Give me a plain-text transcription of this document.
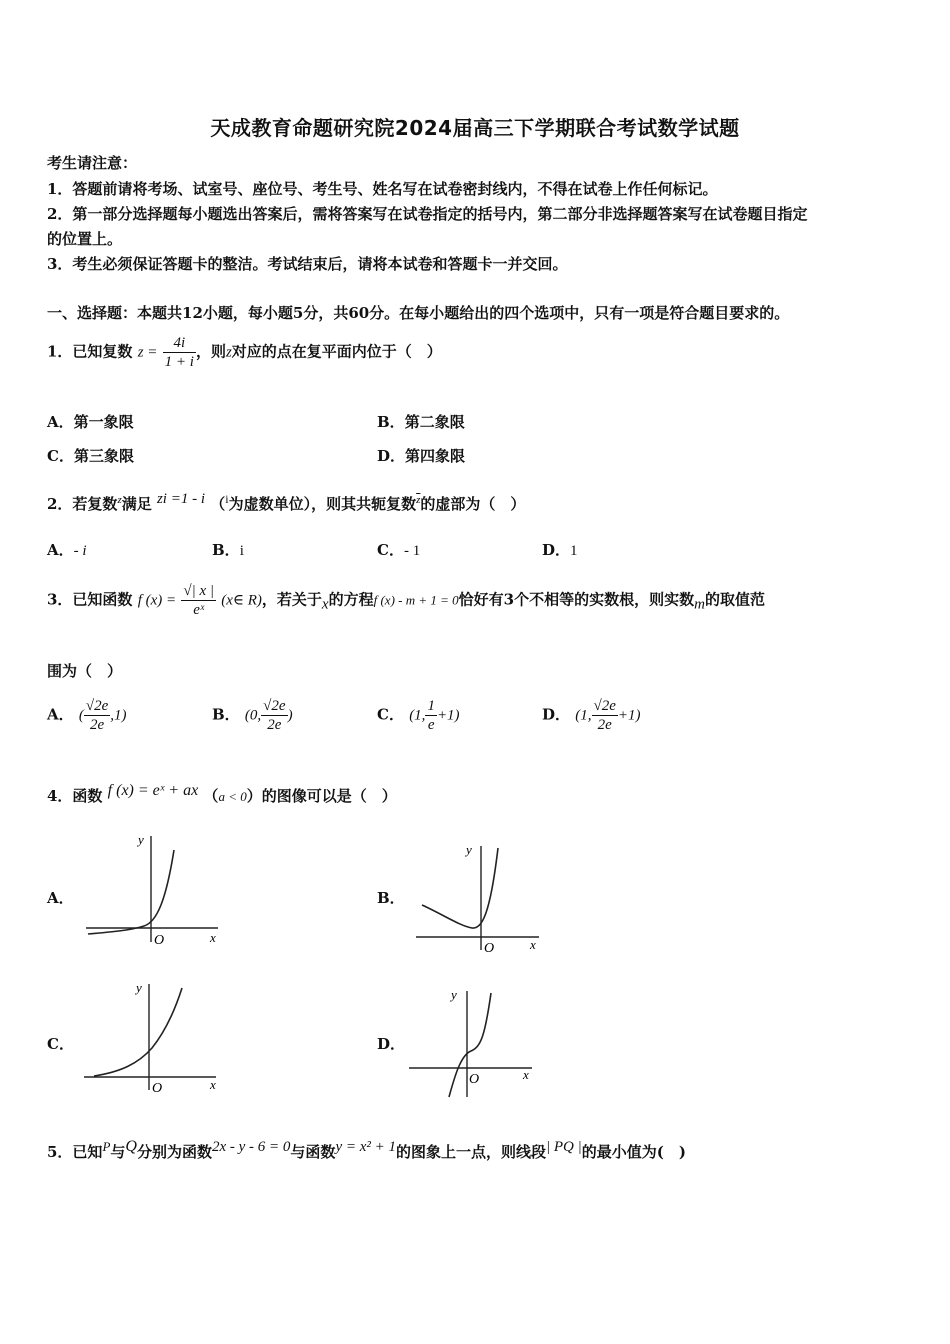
天成教育命题研究院2024届高三下学期联合考试数学试题
考生请注意：
1．答题前请将考场、试室号、座位号、考生号、姓名写在试卷密封线内，不得在试卷上作任何标记。
2．第一部分选择题每小题选出答案后，需将答案写在试卷指定的括号内，第二部分非选择题答案写在试卷题目指定
的位置上。
3．考生必须保证答题卡的整洁。考试结束后，请将本试卷和答题卡一并交回。
一、选择题：本题共12小题，每小题5分，共60分。在每小题给出的四个选项中，只有一项是符合题目要求的。
1．已知复数 $z = \frac{4i}{1 + i}$ ，则z对应的点在复平面内位于（　）
A．第一象限	B．第二象限
C．第三象限	D．第四象限
2．若复数$^z$满足 $^{zi =1 - i}$ （$^i$为虚数单位），则其共轭复数$^{\overline{z}}$的虚部为（　）
A．- i	B．i	C．- 1	D．1
3．已知函数 f $(x) = \frac{√| x |}{\text{eˣ}}$ (x∈ R)，若关于$_x$的方程f (x) - m + 1 = 0恰好有3个不相等的实数根，则实数$_m$的取值范
围为（　）
A． ( $\frac{√2e}{2e} ,1$)	B． (0, $\frac{√2e}{2e}$ )	C． (1, $\frac{1}{e} +1$)	D． (1, $\frac{√2e}{2e} +1$)
4．函数 $^{f (x) = eˣ + ax}$ （a < 0）的图像可以是（　）
A．	B．
C．	D．
y
x
O
y
x
O
y
x
O
y
x
O
5．已知$^P$与$^Q$分别为函数$^{2x - y - 6 = 0}$与函数$^{y = x^2 + 1}$的图象上一点，则线段$^{| PQ |}$的最小值为(　)
